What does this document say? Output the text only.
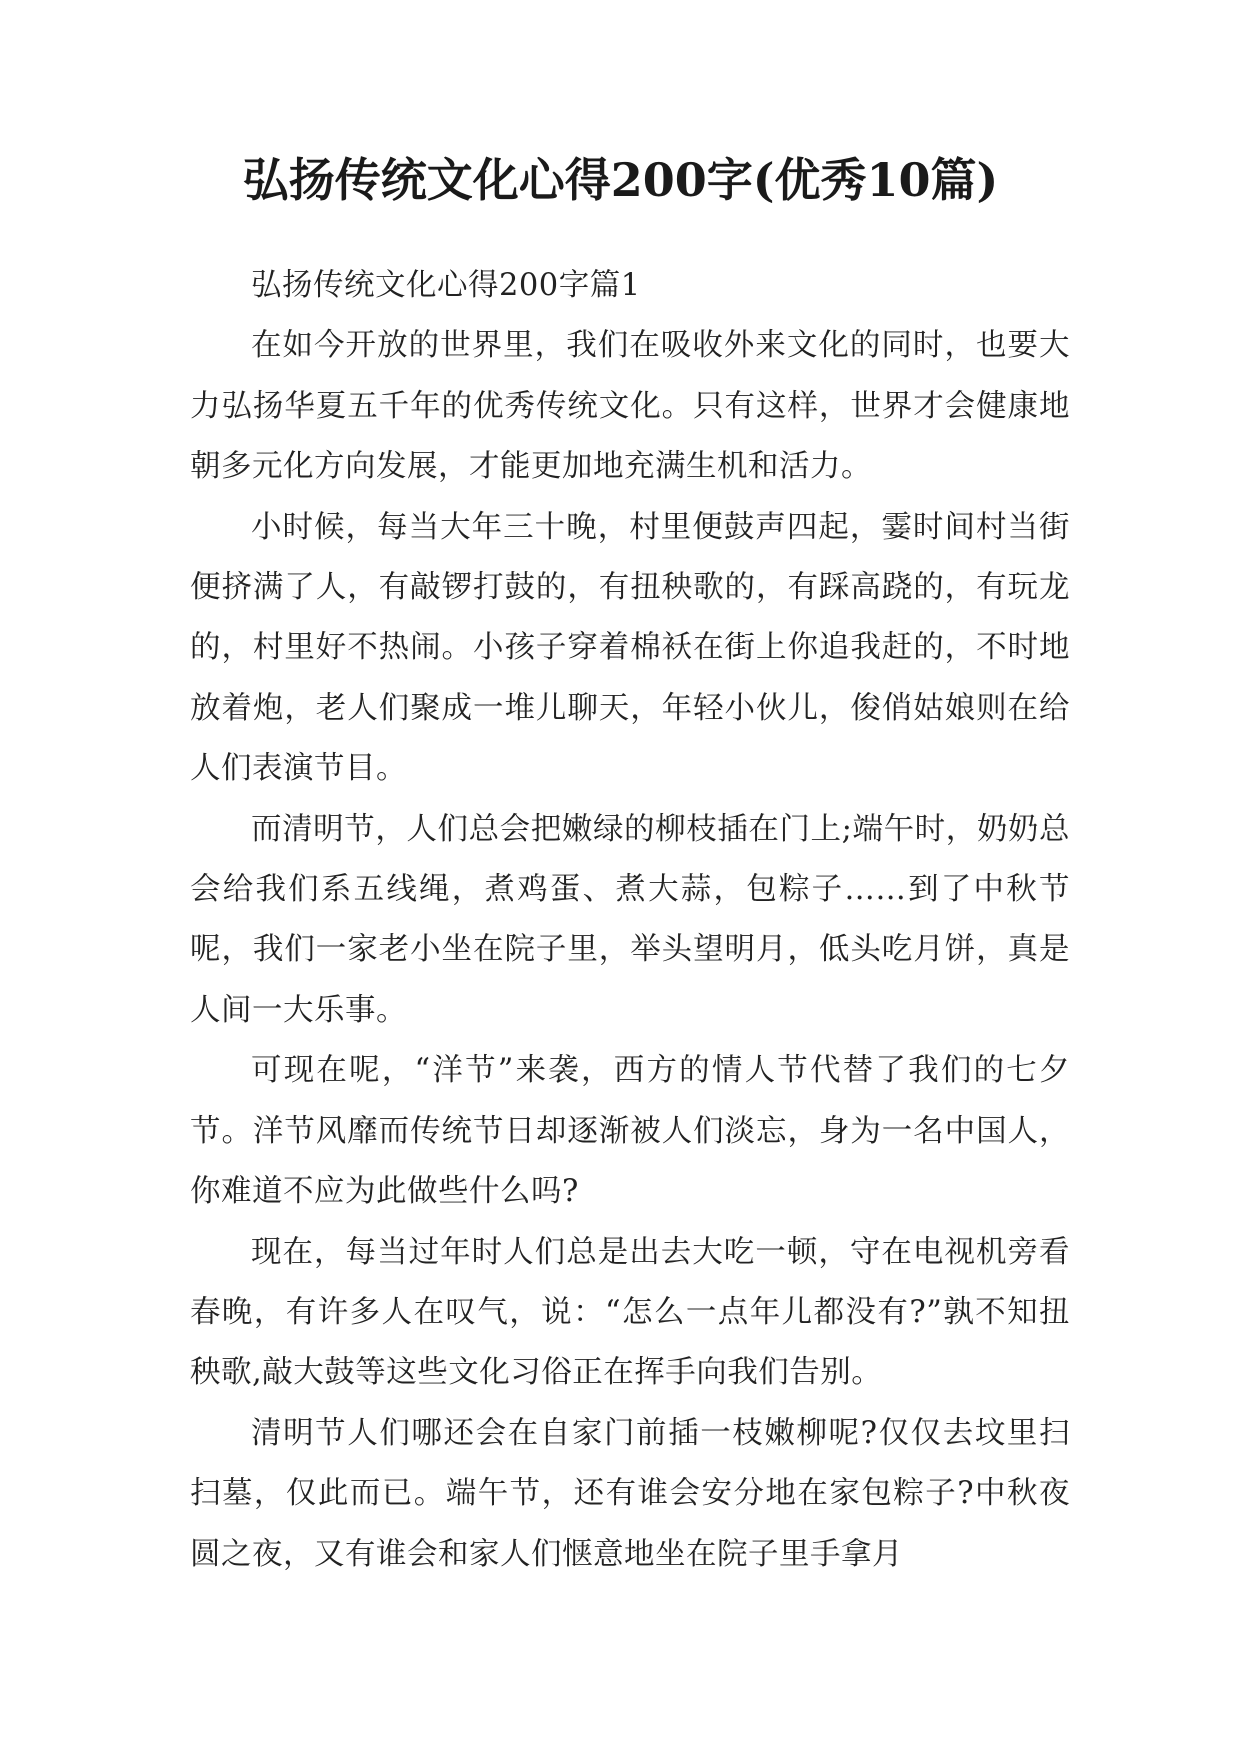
弘扬传统文化心得200字(优秀10篇)

弘扬传统文化心得200字篇1

在如今开放的世界里，我们在吸收外来文化的同时，也要大力弘扬华夏五千年的优秀传统文化。只有这样，世界才会健康地朝多元化方向发展，才能更加地充满生机和活力。

小时候，每当大年三十晚，村里便鼓声四起，霎时间村当街便挤满了人，有敲锣打鼓的，有扭秧歌的，有踩高跷的，有玩龙的，村里好不热闹。小孩子穿着棉袄在街上你追我赶的，不时地放着炮，老人们聚成一堆儿聊天，年轻小伙儿，俊俏姑娘则在给人们表演节目。

而清明节，人们总会把嫩绿的柳枝插在门上;端午时，奶奶总会给我们系五线绳，煮鸡蛋、煮大蒜，包粽子……到了中秋节呢，我们一家老小坐在院子里，举头望明月，低头吃月饼，真是人间一大乐事。

可现在呢，“洋节”来袭，西方的情人节代替了我们的七夕节。洋节风靡而传统节日却逐渐被人们淡忘，身为一名中国人，你难道不应为此做些什么吗?

现在，每当过年时人们总是出去大吃一顿，守在电视机旁看春晚，有许多人在叹气，说：“怎么一点年儿都没有?”孰不知扭秧歌,敲大鼓等这些文化习俗正在挥手向我们告别。

清明节人们哪还会在自家门前插一枝嫩柳呢?仅仅去坟里扫扫墓，仅此而已。端午节，还有谁会安分地在家包粽子?中秋夜圆之夜，又有谁会和家人们惬意地坐在院子里手拿月
